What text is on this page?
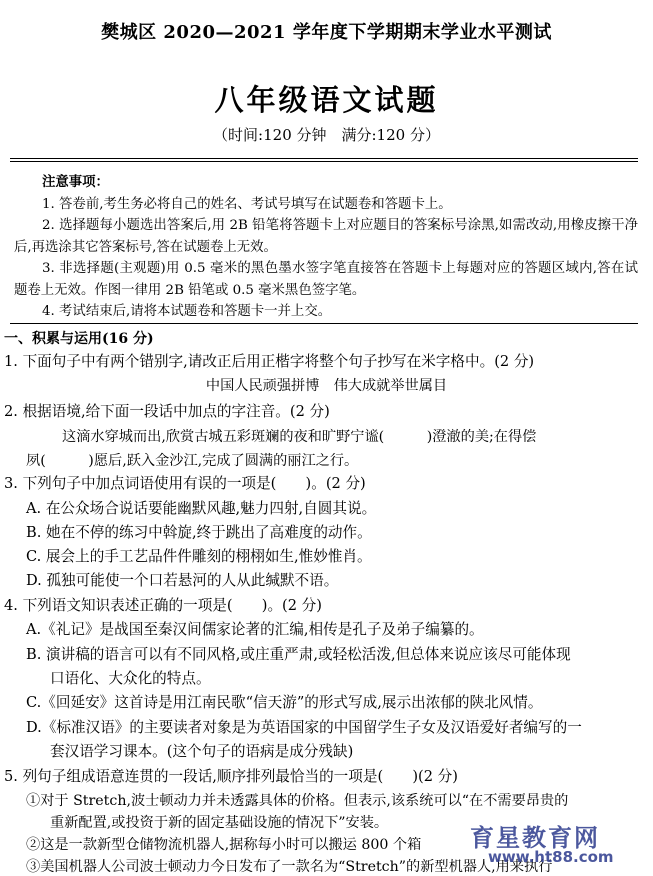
樊城区 2020—2021 学年度下学期期末学业水平测试
八年级语文试题
（时间:120 分钟　满分:120 分）
注意事项：
1. 答卷前,考生务必将自己的姓名、考试号填写在试题卷和答题卡上。
2. 选择题每小题选出答案后,用 2B 铅笔将答题卡上对应题目的答案标号涂黑,如需改动,用橡皮擦干净后,再选涂其它答案标号,答在试题卷上无效。
3. 非选择题(主观题)用 0.5 毫米的黑色墨水签字笔直接答在答题卡上每题对应的答题区域内,答在试题卷上无效。作图一律用 2B 铅笔或 0.5 毫米黑色签字笔。
4. 考试结束后,请将本试题卷和答题卡一并上交。
一、积累与运用(16 分)
1. 下面句子中有两个错别字,请改正后用正楷字将整个句子抄写在米字格中。(2 分)
中国人民顽强拼博　伟大成就举世属目
2. 根据语境,给下面一段话中加点的字注音。(2 分)
这滴水穿城而出,欣赏古城五彩斑斓的夜和旷野宁谧(　　　)澄澈的美;在得偿
夙(　　　)愿后,跃入金沙江,完成了圆满的丽江之行。
3. 下列句子中加点词语使用有误的一项是(　　)。(2 分)
A. 在公众场合说话要能幽默风趣,魅力四射,自圆其说。
B. 她在不停的练习中斡旋,终于跳出了高难度的动作。
C. 展会上的手工艺品件件雕刻的栩栩如生,惟妙惟肖。
D. 孤独可能使一个口若悬河的人从此缄默不语。
4. 下列语文知识表述正确的一项是(　　)。(2 分)
A.《礼记》是战国至秦汉间儒家论著的汇编,相传是孔子及弟子编纂的。
B. 演讲稿的语言可以有不同风格,或庄重严肃,或轻松活泼,但总体来说应该尽可能体现
口语化、大众化的特点。
C.《回延安》这首诗是用江南民歌“信天游”的形式写成,展示出浓郁的陕北风情。
D.《标准汉语》的主要读者对象是为英语国家的中国留学生子女及汉语爱好者编写的一
套汉语学习课本。(这个句子的语病是成分残缺)
5. 列句子组成语意连贯的一段话,顺序排列最恰当的一项是(　　)(2 分)
①对于 Stretch,波士顿动力并未透露具体的价格。但表示,该系统可以“在不需要昂贵的
重新配置,或投资于新的固定基础设施的情况下”安装。
②这是一款新型仓储物流机器人,据称每小时可以搬运 800 个箱
③美国机器人公司波士顿动力今日发布了一款名为“Stretch”的新型机器人,用来执行
育星教育网
www.ht88.com
